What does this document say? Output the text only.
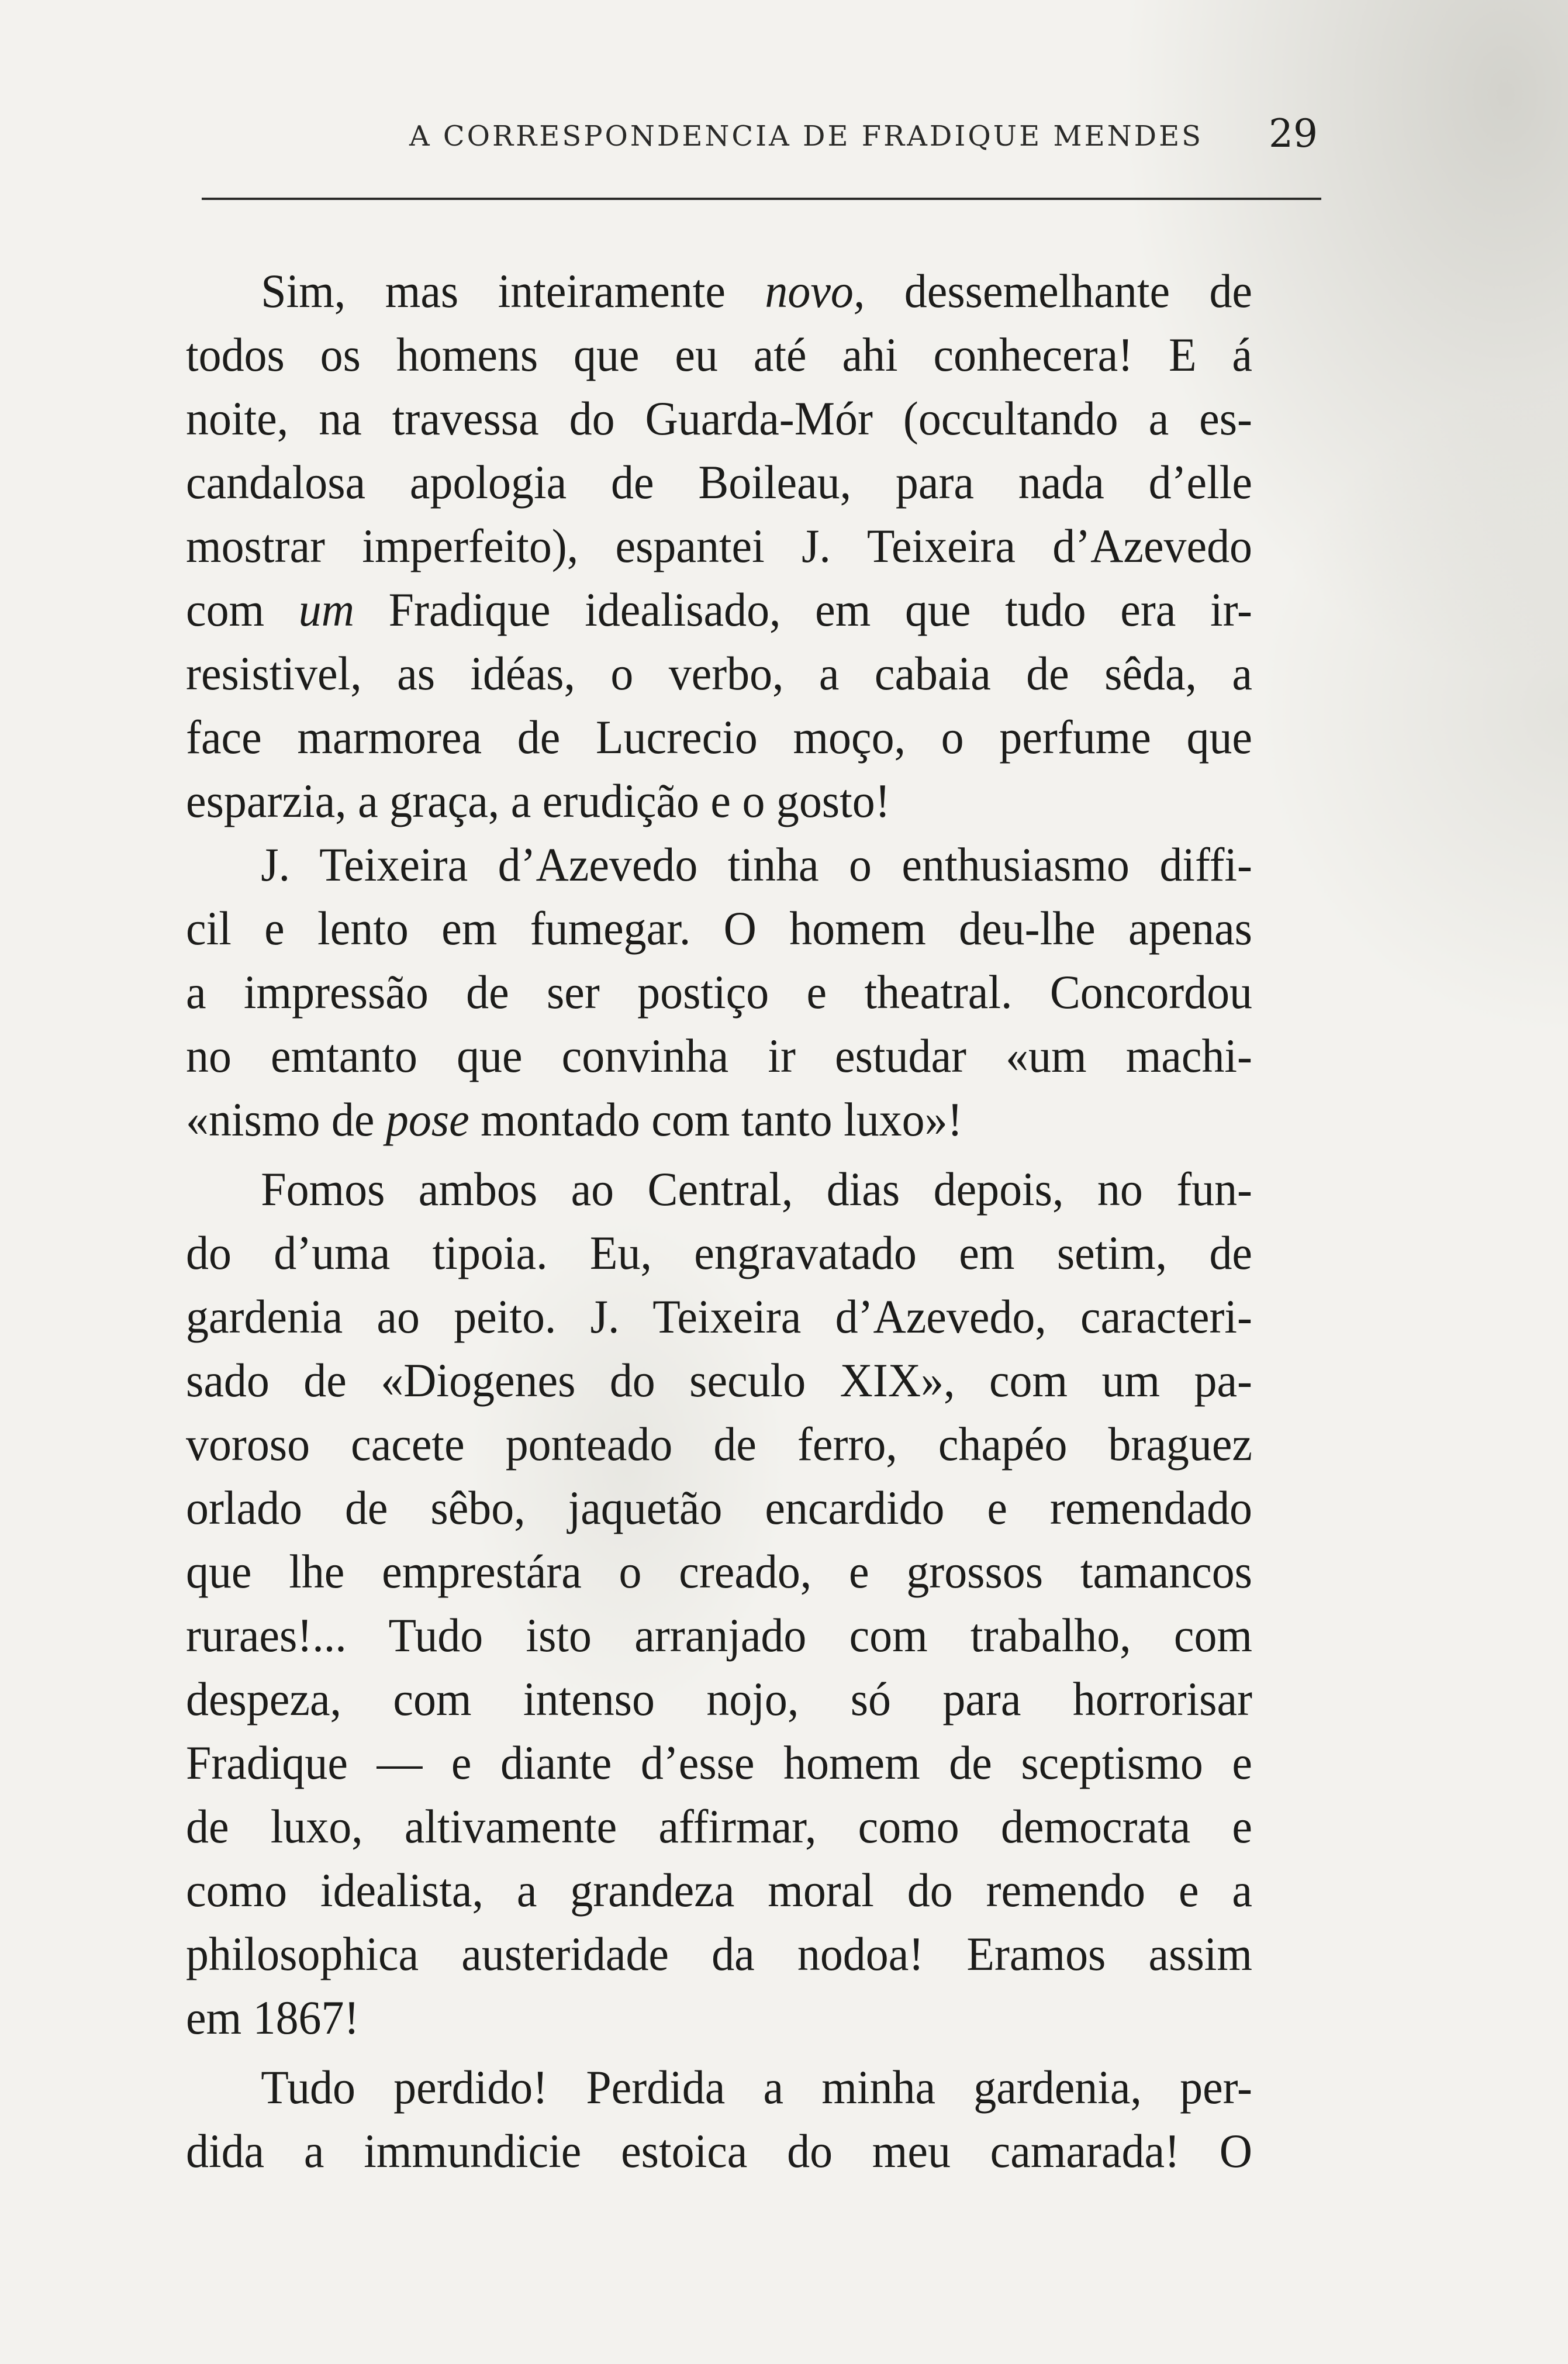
A CORRESPONDENCIA DE FRADIQUE MENDES 29
Sim, mas inteiramente novo, dessemelhante de
todos os homens que eu até ahi conhecera! E á
noite, na travessa do Guarda-Mór (occultando a es-
candalosa apologia de Boileau, para nada d’elle
mostrar imperfeito), espantei J. Teixeira d’Azevedo
com um Fradique idealisado, em que tudo era ir-
resistivel, as idéas, o verbo, a cabaia de sêda, a
face marmorea de Lucrecio moço, o perfume que
esparzia, a graça, a erudição e o gosto!
J. Teixeira d’Azevedo tinha o enthusiasmo diffi-
cil e lento em fumegar. O homem deu-lhe apenas
a impressão de ser postiço e theatral. Concordou
no emtanto que convinha ir estudar «um machi-
«nismo de pose montado com tanto luxo»!
Fomos ambos ao Central, dias depois, no fun-
do d’uma tipoia. Eu, engravatado em setim, de
gardenia ao peito. J. Teixeira d’Azevedo, caracteri-
sado de «Diogenes do seculo XIX», com um pa-
voroso cacete ponteado de ferro, chapéo braguez
orlado de sêbo, jaquetão encardido e remendado
que lhe emprestára o creado, e grossos tamancos
ruraes!... Tudo isto arranjado com trabalho, com
despeza, com intenso nojo, só para horrorisar
Fradique — e diante d’esse homem de sceptismo e
de luxo, altivamente affirmar, como democrata e
como idealista, a grandeza moral do remendo e a
philosophica austeridade da nodoa! Eramos assim
em 1867!
Tudo perdido! Perdida a minha gardenia, per-
dida a immundicie estoica do meu camarada! O
